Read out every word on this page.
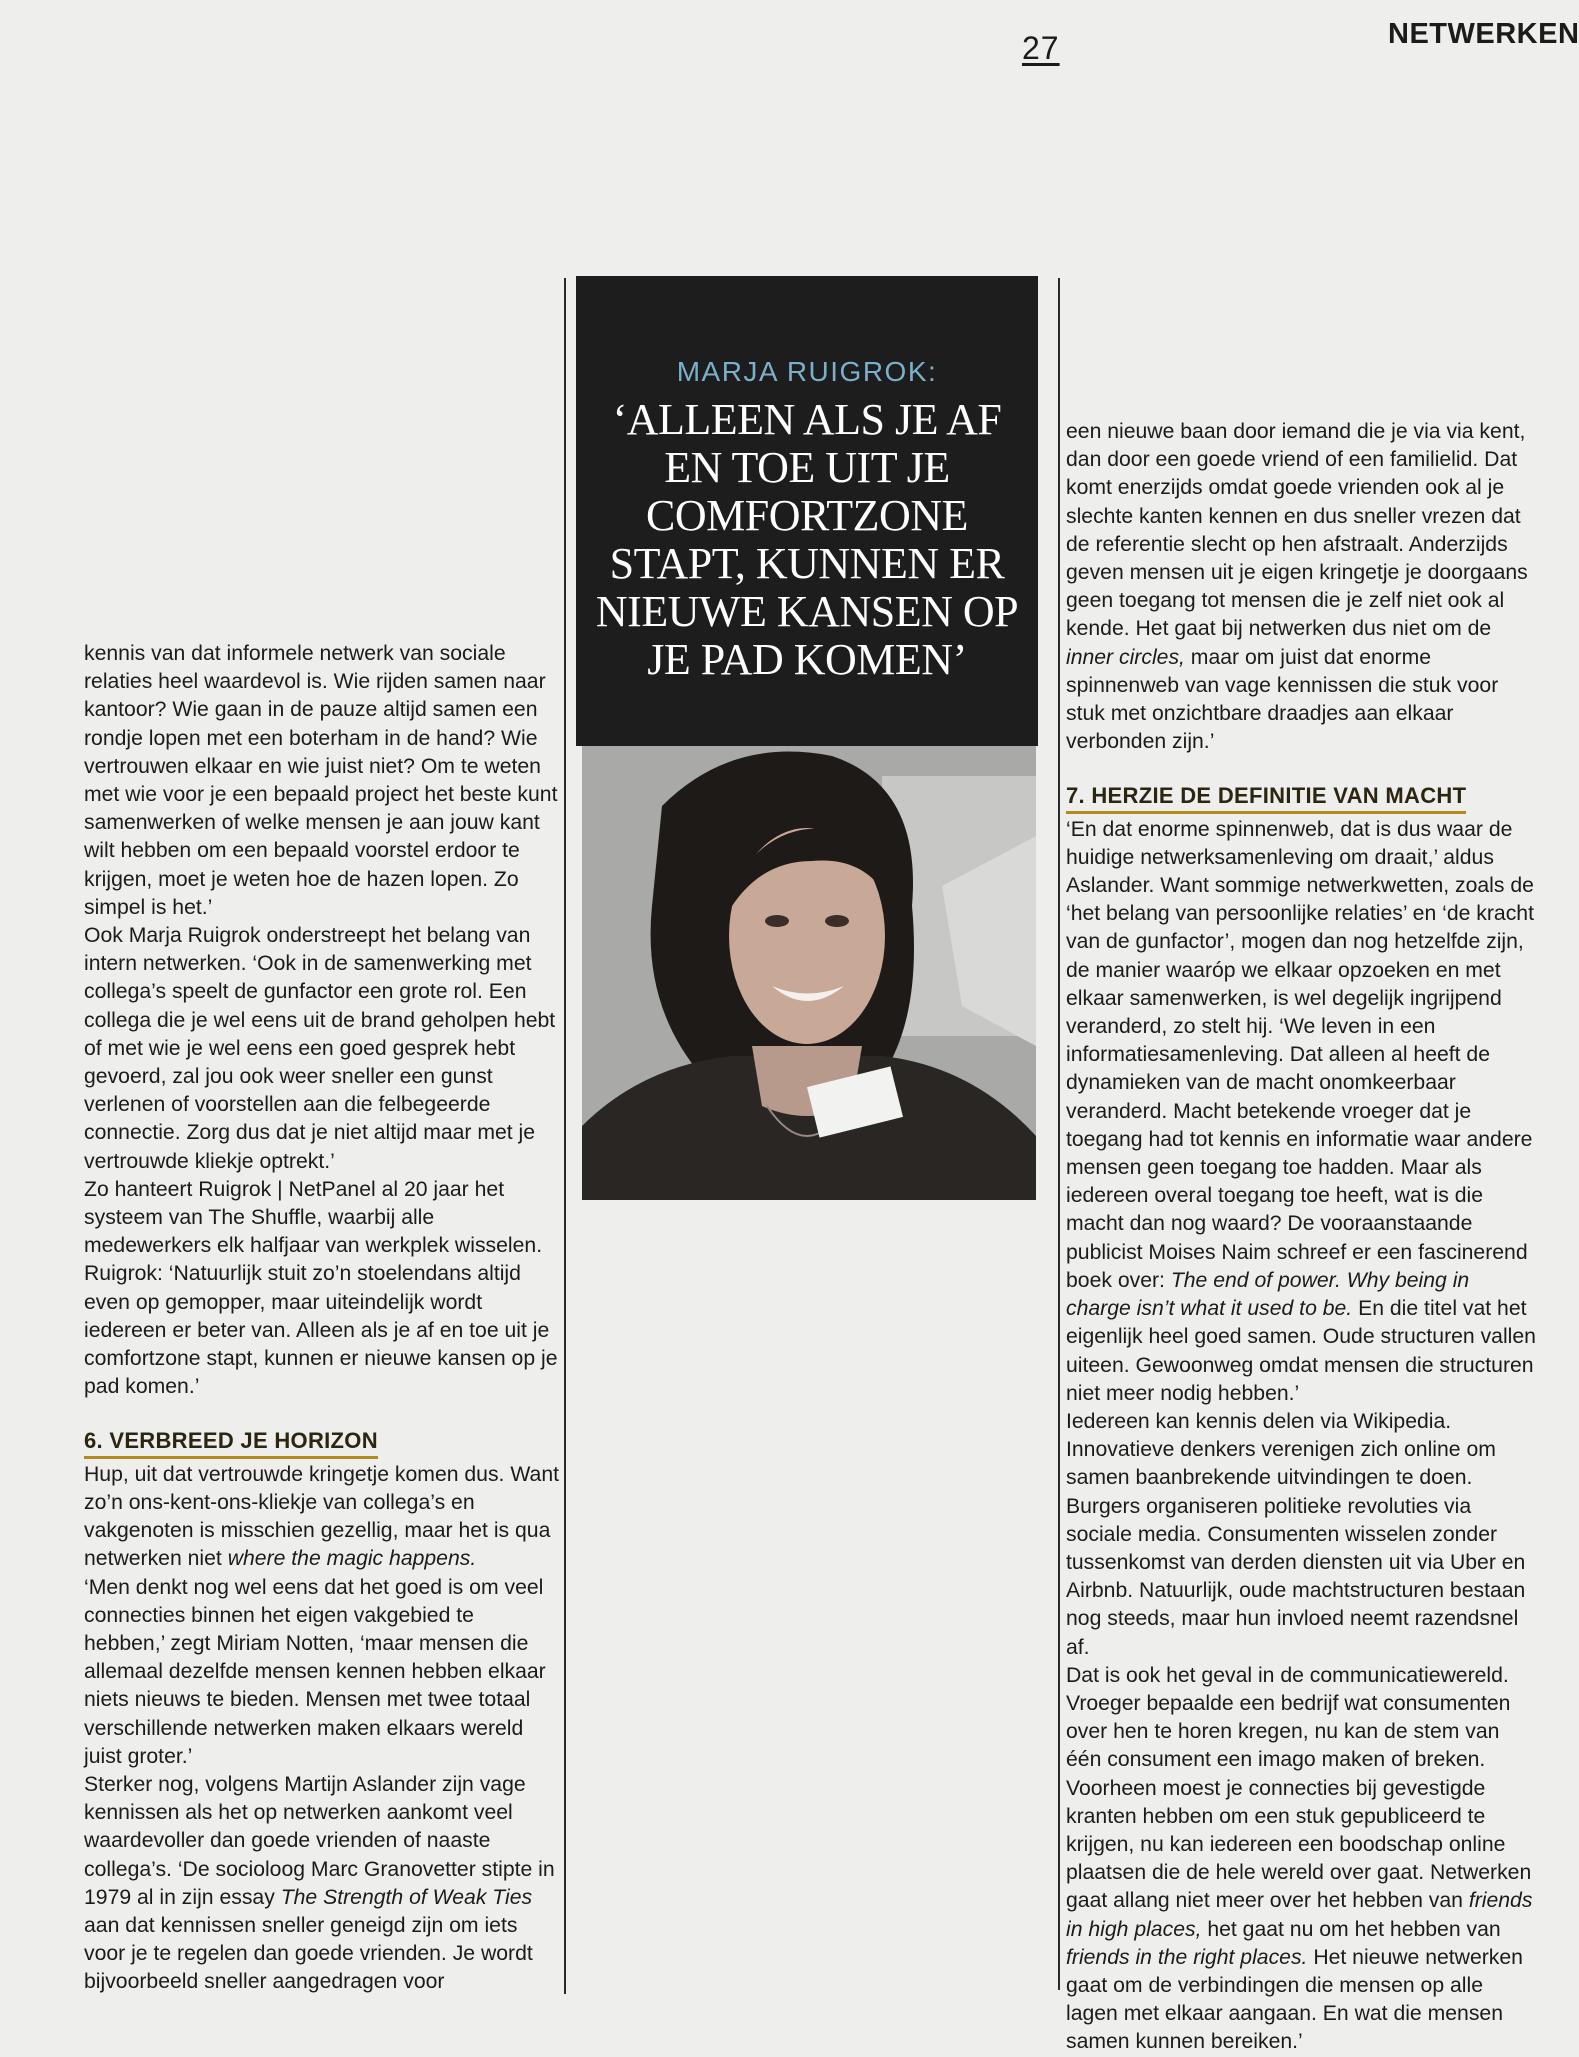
27	NETWERKEN

kennis van dat informele netwerk van sociale relaties heel waardevol is. Wie rijden samen naar kantoor? Wie gaan in de pauze altijd samen een rondje lopen met een boterham in de hand? Wie vertrouwen elkaar en wie juist niet? Om te weten met wie voor je een bepaald project het beste kunt samenwerken of welke mensen je aan jouw kant wilt hebben om een bepaald voorstel erdoor te krijgen, moet je weten hoe de hazen lopen. Zo simpel is het.’

Ook Marja Ruigrok onderstreept het belang van intern netwerken. ‘Ook in de samenwerking met collega’s speelt de gunfactor een grote rol. Een collega die je wel eens uit de brand geholpen hebt of met wie je wel eens een goed gesprek hebt gevoerd, zal jou ook weer sneller een gunst verlenen of voorstellen aan die felbegeerde connectie. Zorg dus dat je niet altijd maar met je vertrouwde kliekje optrekt.’

Zo hanteert Ruigrok | NetPanel al 20 jaar het systeem van The Shuffle, waarbij alle medewerkers elk halfjaar van werkplek wisselen. Ruigrok: ‘Natuurlijk stuit zo’n stoelendans altijd even op gemopper, maar uiteindelijk wordt iedereen er beter van. Alleen als je af en toe uit je comfortzone stapt, kunnen er nieuwe kansen op je pad komen.’

6. VERBREED JE HORIZON

Hup, uit dat vertrouwde kringetje komen dus. Want zo’n ons-kent-ons-kliekje van collega’s en vakgenoten is misschien gezellig, maar het is qua netwerken niet where the magic happens.

‘Men denkt nog wel eens dat het goed is om veel connecties binnen het eigen vakgebied te hebben,’ zegt Miriam Notten, ‘maar mensen die allemaal dezelfde mensen kennen hebben elkaar niets nieuws te bieden. Mensen met twee totaal verschillende netwerken maken elkaars wereld juist groter.’

Sterker nog, volgens Martijn Aslander zijn vage kennissen als het op netwerken aankomt veel waardevoller dan goede vrienden of naaste collega’s. ‘De socioloog Marc Granovetter stipte in 1979 al in zijn essay The Strength of Weak Ties aan dat kennissen sneller geneigd zijn om iets voor je te regelen dan goede vrienden. Je wordt bijvoorbeeld sneller aangedragen voor

MARJA RUIGROK:
‘ALLEEN ALS JE AF EN TOE UIT JE COMFORTZONE STAPT, KUNNEN ER NIEUWE KANSEN OP JE PAD KOMEN’

een nieuwe baan door iemand die je via via kent, dan door een goede vriend of een familielid. Dat komt enerzijds omdat goede vrienden ook al je slechte kanten kennen en dus sneller vrezen dat de referentie slecht op hen afstraalt. Anderzijds geven mensen uit je eigen kringetje je doorgaans geen toegang tot mensen die je zelf niet ook al kende. Het gaat bij netwerken dus niet om de inner circles, maar om juist dat enorme spinnenweb van vage kennissen die stuk voor stuk met onzichtbare draadjes aan elkaar verbonden zijn.’

7. HERZIE DE DEFINITIE VAN MACHT

‘En dat enorme spinnenweb, dat is dus waar de huidige netwerksamenleving om draait,’ aldus Aslander. Want sommige netwerkwetten, zoals de ‘het belang van persoonlijke relaties’ en ‘de kracht van de gunfactor’, mogen dan nog hetzelfde zijn, de manier waaróp we elkaar opzoeken en met elkaar samenwerken, is wel degelijk ingrijpend veranderd, zo stelt hij. ‘We leven in een informatiesamenleving. Dat alleen al heeft de dynamieken van de macht onomkeerbaar veranderd. Macht betekende vroeger dat je toegang had tot kennis en informatie waar andere mensen geen toegang toe hadden. Maar als iedereen overal toegang toe heeft, wat is die macht dan nog waard? De vooraanstaande publicist Moises Naim schreef er een fascinerend boek over: The end of power. Why being in charge isn’t what it used to be. En die titel vat het eigenlijk heel goed samen. Oude structuren vallen uiteen. Gewoonweg omdat mensen die structuren niet meer nodig hebben.’

Iedereen kan kennis delen via Wikipedia. Innovatieve denkers verenigen zich online om samen baanbrekende uitvindingen te doen. Burgers organiseren politieke revoluties via sociale media. Consumenten wisselen zonder tussenkomst van derden diensten uit via Uber en Airbnb. Natuurlijk, oude machtstructuren bestaan nog steeds, maar hun invloed neemt razendsnel af.

Dat is ook het geval in de communicatiewereld. Vroeger bepaalde een bedrijf wat consumenten over hen te horen kregen, nu kan de stem van één consument een imago maken of breken. Voorheen moest je connecties bij gevestigde kranten hebben om een stuk gepubliceerd te krijgen, nu kan iedereen een boodschap online plaatsen die de hele wereld over gaat. Netwerken gaat allang niet meer over het hebben van friends in high places, het gaat nu om het hebben van friends in the right places. Het nieuwe netwerken gaat om de verbindingen die mensen op alle lagen met elkaar aangaan. En wat die mensen samen kunnen bereiken.’
